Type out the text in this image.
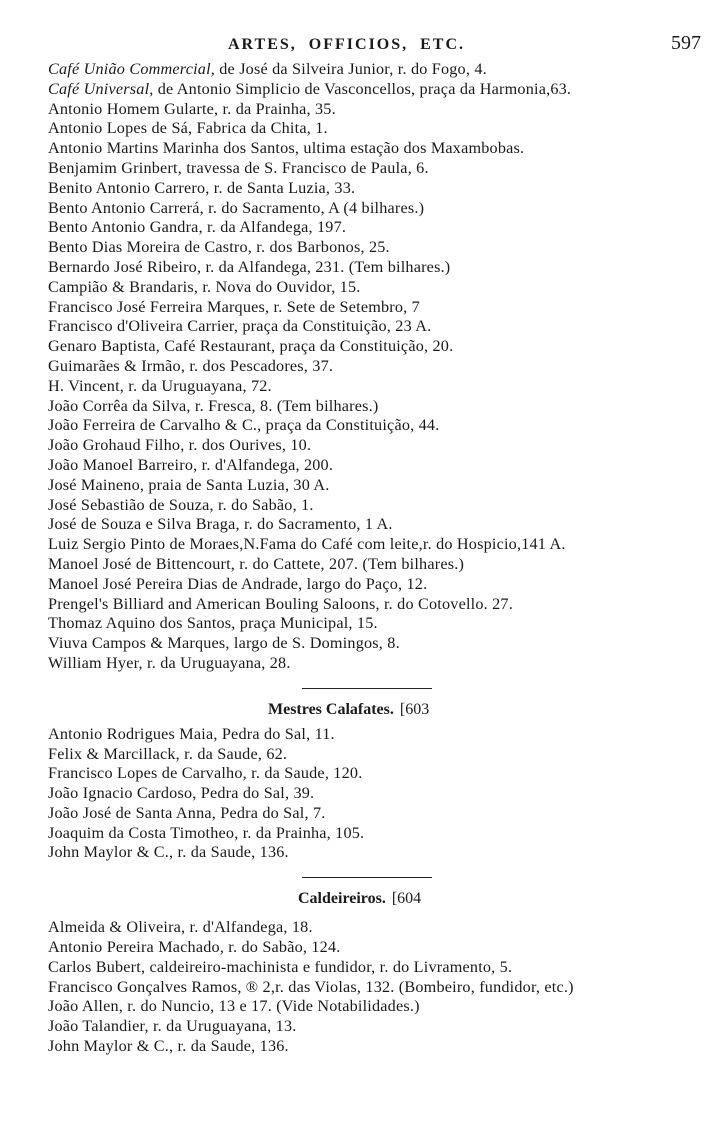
ARTES, OFFICIOS, ETC.	597
Café União Commercial, de José da Silveira Junior, r. do Fogo, 4.
Café Universal, de Antonio Simplicio de Vasconcellos, praça da Harmonia,63.
Antonio Homem Gularte, r. da Prainha, 35.
Antonio Lopes de Sá, Fabrica da Chita, 1.
Antonio Martins Marinha dos Santos, ultima estação dos Maxambobas.
Benjamim Grinbert, travessa de S. Francisco de Paula, 6.
Benito Antonio Carrero, r. de Santa Luzia, 33.
Bento Antonio Carrerá, r. do Sacramento, A (4 bilhares.)
Bento Antonio Gandra, r. da Alfandega, 197.
Bento Dias Moreira de Castro, r. dos Barbonos, 25.
Bernardo José Ribeiro, r. da Alfandega, 231. (Tem bilhares.)
Campião & Brandaris, r. Nova do Ouvidor, 15.
Francisco José Ferreira Marques, r. Sete de Setembro, 7
Francisco d'Oliveira Carrier, praça da Constituição, 23 A.
Genaro Baptista, Café Restaurant, praça da Constituição, 20.
Guimarães & Irmão, r. dos Pescadores, 37.
H. Vincent, r. da Uruguayana, 72.
João Corrêa da Silva, r. Fresca, 8. (Tem bilhares.)
João Ferreira de Carvalho & C., praça da Constituição, 44.
João Grohaud Filho, r. dos Ourives, 10.
João Manoel Barreiro, r. d'Alfandega, 200.
José Maineno, praia de Santa Luzia, 30 A.
José Sebastião de Souza, r. do Sabão, 1.
José de Souza e Silva Braga, r. do Sacramento, 1 A.
Luiz Sergio Pinto de Moraes,N.Fama do Café com leite,r. do Hospicio,141 A.
Manoel José de Bittencourt, r. do Cattete, 207. (Tem bilhares.)
Manoel José Pereira Dias de Andrade, largo do Paço, 12.
Prengel's Billiard and American Bouling Saloons, r. do Cotovello. 27.
Thomaz Aquino dos Santos, praça Municipal, 15.
Viuva Campos & Marques, largo de S. Domingos, 8.
William Hyer, r. da Uruguayana, 28.
Mestres Calafates. [603
Antonio Rodrigues Maia, Pedra do Sal, 11.
Felix & Marcillack, r. da Saude, 62.
Francisco Lopes de Carvalho, r. da Saude, 120.
João Ignacio Cardoso, Pedra do Sal, 39.
João José de Santa Anna, Pedra do Sal, 7.
Joaquim da Costa Timotheo, r. da Prainha, 105.
John Maylor & C., r. da Saude, 136.
Caldeireiros. [604
Almeida & Oliveira, r. d'Alfandega, 18.
Antonio Pereira Machado, r. do Sabão, 124.
Carlos Bubert, caldeireiro-machinista e fundidor, r. do Livramento, 5.
Francisco Gonçalves Ramos, ® 2,r. das Violas, 132. (Bombeiro, fundidor, etc.)
João Allen, r. do Nuncio, 13 e 17. (Vide Notabilidades.)
João Talandier, r. da Uruguayana, 13.
John Maylor & C., r. da Saude, 136.
